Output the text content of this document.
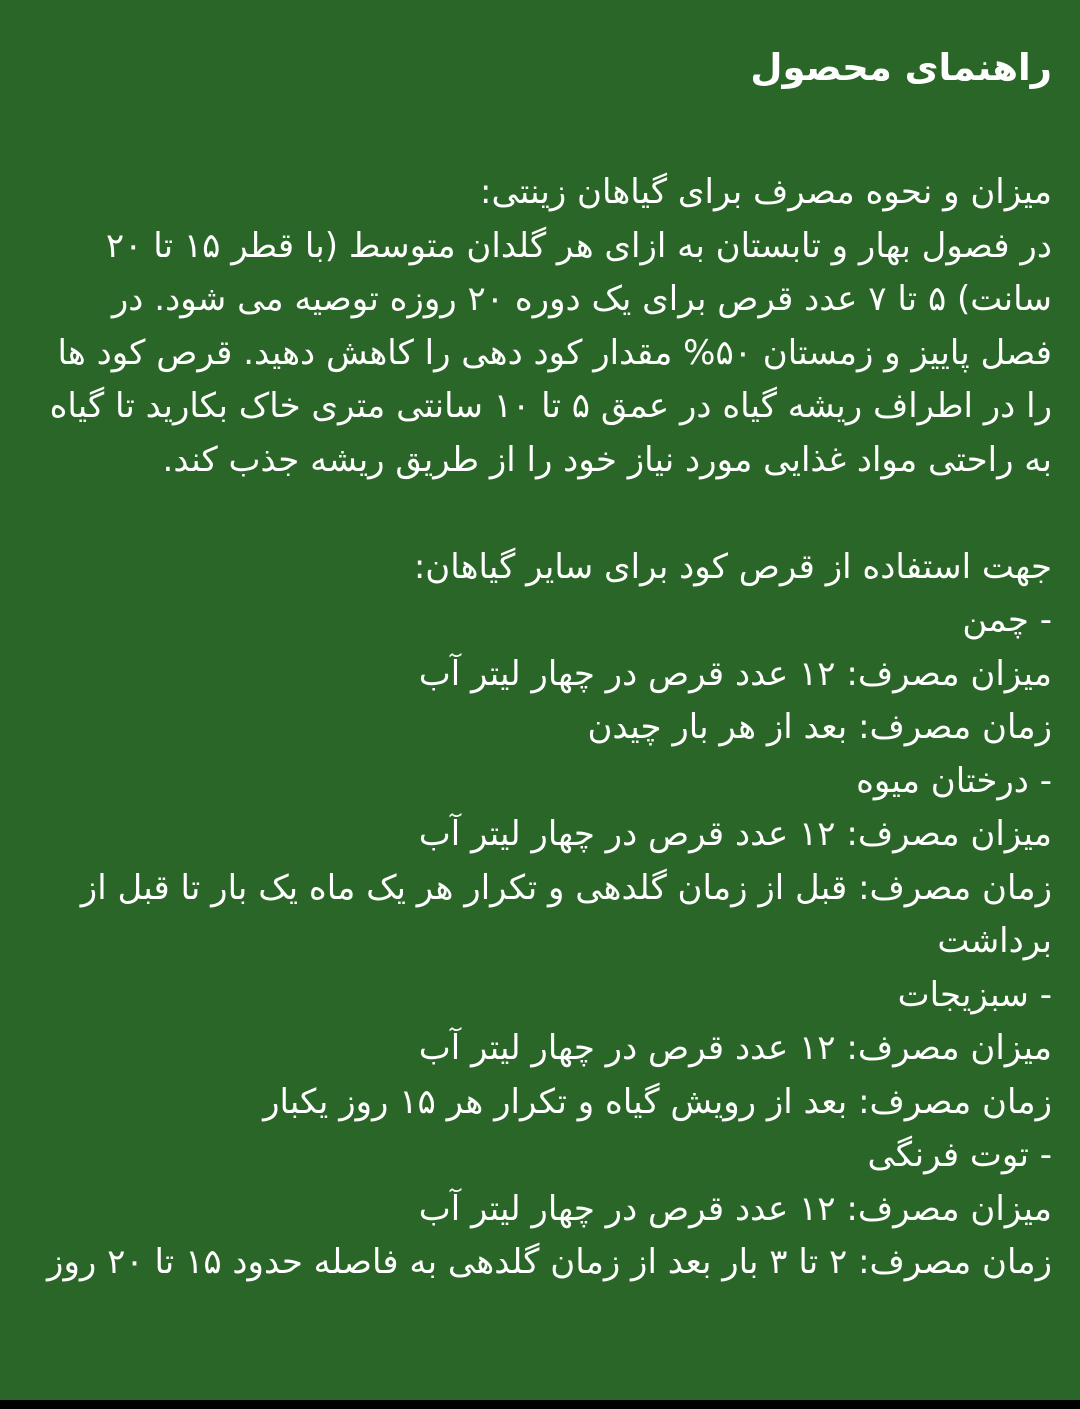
راهنمای محصول

میزان و نحوه مصرف برای گیاهان زینتی:
در فصول بهار و تابستان به ازای هر گلدان متوسط (با قطر ۱۵ تا ۲۰ سانت) ۵ تا ۷ عدد قرص برای یک دوره ۲۰ روزه توصیه می شود. در فصل پاییز و زمستان ۵۰% مقدار کود دهی را کاهش دهید. قرص کود ها را در اطراف ریشه گیاه در عمق ۵ تا ۱۰ سانتی متری خاک بکارید تا گیاه به راحتی مواد غذایی مورد نیاز خود را از طریق ریشه جذب کند.

جهت استفاده از قرص کود برای سایر گیاهان:
- چمن
میزان مصرف: ۱۲ عدد قرص در چهار لیتر آب
زمان مصرف: بعد از هر بار چیدن
- درختان میوه
میزان مصرف: ۱۲ عدد قرص در چهار لیتر آب
زمان مصرف: قبل از زمان گلدهی و تکرار هر یک ماه یک بار تا قبل از برداشت
- سبزیجات
میزان مصرف: ۱۲ عدد قرص در چهار لیتر آب
زمان مصرف: بعد از رویش گیاه و تکرار هر ۱۵ روز یکبار
- توت فرنگی
میزان مصرف: ۱۲ عدد قرص در چهار لیتر آب
زمان مصرف: ۲ تا ۳ بار بعد از زمان گلدهی به فاصله حدود ۱۵ تا ۲۰ روز
